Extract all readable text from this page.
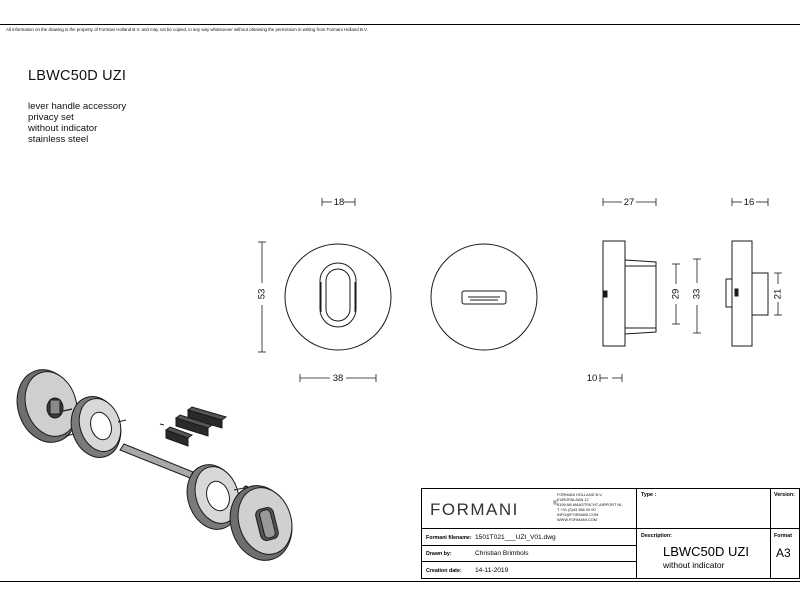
All information on the drawing is the property of Formani Holland B.V. and may not be copied, in any way whatsoever without obtaining the permission in writing from Formani Holland B.V.
LBWC50D UZI
lever handle accessory
privacy set
without indicator
stainless steel
18
53
38
27
29 33
10
16
21
FORMANI	®
FORMANI HOLLAND B.V.
EUROPALAAN 12
6199 AB MAASTRICHT-AIRPORT NL
T +31 (0)43 358 00 00
INFO@FORMANI.COM
WWW.FORMANI.COM
Type :	Version:
Formani filename: 1501T021___UZI_V01.dwg
Drawn by:	Christian Brimbols
Creation date: 14-11-2019
Description:
LBWC50D UZI
without indicator
Format
A3
